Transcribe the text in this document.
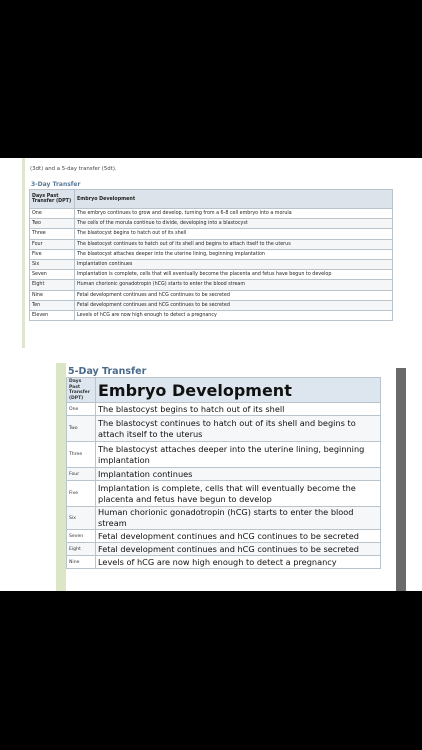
(3dt) and a 5-day transfer (5dt).
3-Day Transfer
Days Past
Transfer (DPT)	Embryo Development
One	The embryo continues to grow and develop, turning from a 6-8 cell embryo into a morula
Two	The cells of the morula continue to divide, developing into a blastocyst
Three	The blastocyst begins to hatch out of its shell
Four	The blastocyst continues to hatch out of its shell and begins to attach itself to the uterus
Five	The blastocyst attaches deeper into the uterine lining, beginning implantation
Six	Implantation continues
Seven	Implantation is complete, cells that will eventually become the placenta and fetus have begun to develop
Eight	Human chorionic gonadotropin (hCG) starts to enter the blood stream
Nine	Fetal development continues and hCG continues to be secreted
Ten	Fetal development continues and hCG continues to be secreted
Eleven	Levels of hCG are now high enough to detect a pregnancy
5-Day Transfer
Days Past
Transfer
(DPT)	Embryo Development
One	The blastocyst begins to hatch out of its shell
Two	The blastocyst continues to hatch out of its shell and begins to attach itself to the uterus
Three	The blastocyst attaches deeper into the uterine lining, beginning implantation
Four	Implantation continues
Five	Implantation is complete, cells that will eventually become the placenta and fetus have begun to develop
Six	Human chorionic gonadotropin (hCG) starts to enter the blood stream
Seven	Fetal development continues and hCG continues to be secreted
Eight	Fetal development continues and hCG continues to be secreted
Nine	Levels of hCG are now high enough to detect a pregnancy
